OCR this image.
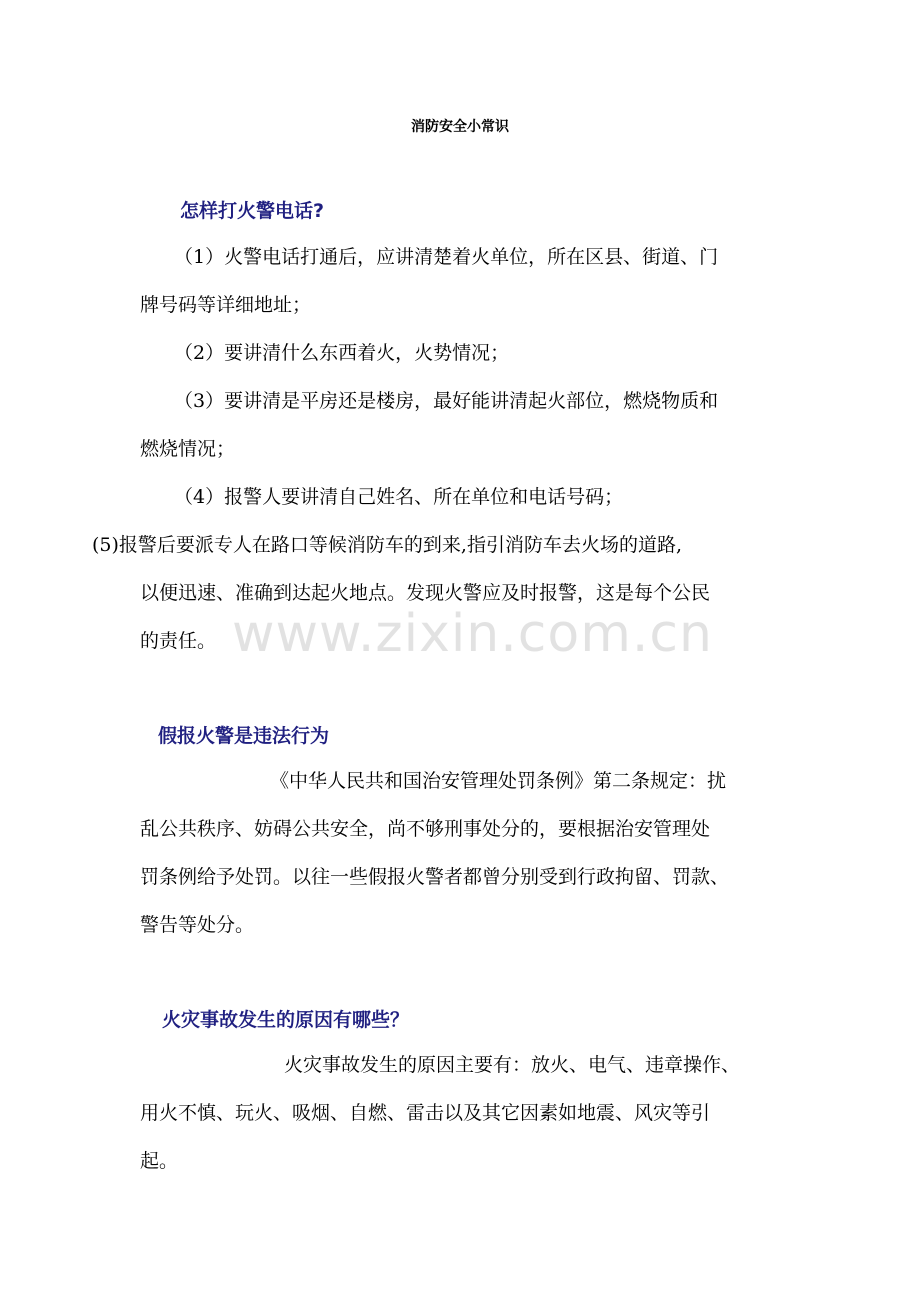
www.zixin.com.cn
消防安全小常识
怎样打火警电话?
（1）火警电话打通后，应讲清楚着火单位，所在区县、街道、门
牌号码等详细地址；
（2）要讲清什么东西着火，火势情况；
（3）要讲清是平房还是楼房，最好能讲清起火部位，燃烧物质和
燃烧情况；
（4）报警人要讲清自己姓名、所在单位和电话号码；
(5)报警后要派专人在路口等候消防车的到来,指引消防车去火场的道路,
以便迅速、准确到达起火地点。发现火警应及时报警，这是每个公民
的责任。
假报火警是违法行为
《中华人民共和国治安管理处罚条例》第二条规定：扰
乱公共秩序、妨碍公共安全，尚不够刑事处分的，要根据治安管理处
罚条例给予处罚。以往一些假报火警者都曾分别受到行政拘留、罚款、
警告等处分。
火灾事故发生的原因有哪些？
火灾事故发生的原因主要有：放火、电气、违章操作、
用火不慎、玩火、吸烟、自燃、雷击以及其它因素如地震、风灾等引
起。
